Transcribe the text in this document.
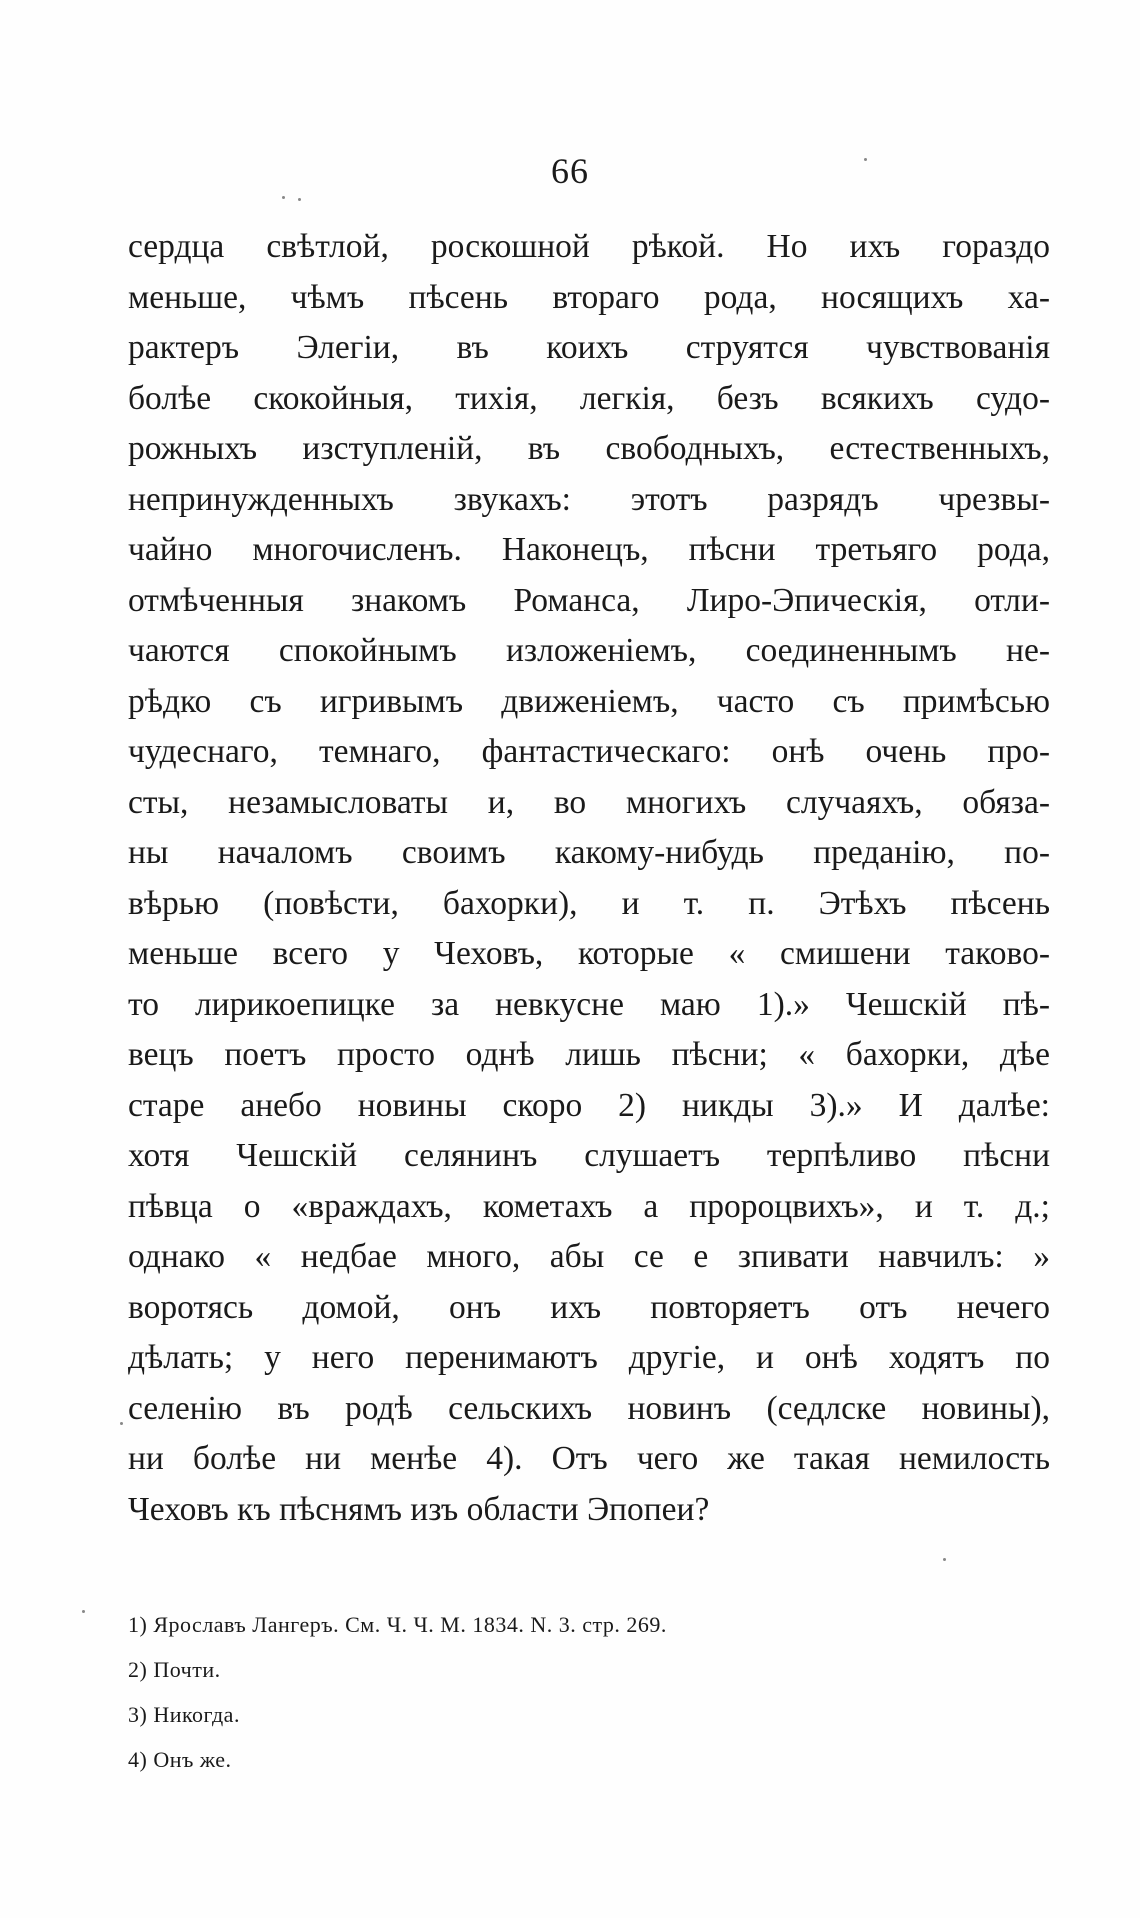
66
сердца свѣтлой, роскошной рѣкой. Но ихъ гораздо
меньше, чѣмъ пѣсень втораго рода, носящихъ ха-
рактеръ Элегіи, въ коихъ струятся чувствованія
болѣе скокойныя, тихія, легкія, безъ всякихъ судо-
рожныхъ изступленій, въ свободныхъ, естественныхъ,
непринужденныхъ звукахъ: этотъ разрядъ чрезвы-
чайно многочисленъ. Наконецъ, пѣсни третьяго рода,
отмѣченныя знакомъ Романса, Лиро-Эпическія, отли-
чаются спокойнымъ изложеніемъ, соединеннымъ не-
рѣдко съ игривымъ движеніемъ, часто съ примѣсью
чудеснаго, темнаго, фантастическаго: онѣ очень про-
сты, незамысловаты и, во многихъ случаяхъ, обяза-
ны началомъ своимъ какому-нибудь преданію, по-
вѣрью (повѣсти, бахорки), и т. п. Этѣхъ пѣсень
меньше всего у Чеховъ, которые « смишени таково-
то лирикоепицке за невкусне маю 1).» Чешскій пѣ-
вецъ поетъ просто однѣ лишь пѣсни; « бахорки, дѣе
старе анебо новины скоро 2) никды 3).» И далѣе:
хотя Чешскій селянинъ слушаетъ терпѣливо пѣсни
пѣвца о «враждахъ, кометахъ а пророцвихъ», и т. д.;
однако « недбае много, абы се е зпивати навчилъ: »
воротясь домой, онъ ихъ повторяетъ отъ нечего
дѣлать; у него перенимаютъ другіе, и онѣ ходятъ по
селенію въ родѣ сельскихъ новинъ (седлске новины),
ни болѣе ни менѣе 4). Отъ чего же такая немилость
Чеховъ къ пѣснямъ изъ области Эпопеи?
1) Ярославъ Лангеръ. См. Ч. Ч. М. 1834. N. 3. стр. 269.
2) Почти.
3) Никогда.
4) Онъ же.
